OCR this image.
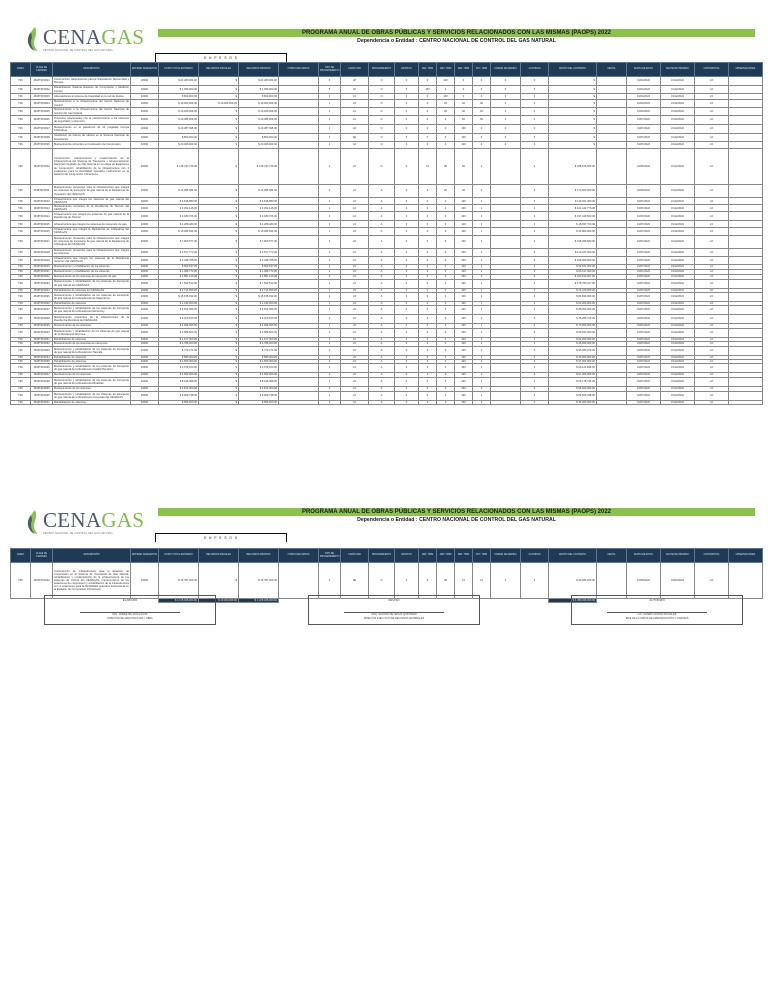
CENAGAS
CENTRO NACIONAL DE CONTROL DEL GAS NATURAL
PROGRAMA ANUAL DE OBRAS PÚBLICAS Y SERVICIOS RELACIONADOS CON LAS MISMAS (PAOPS) 2022
Dependencia o Entidad : CENTRO NACIONAL DE CONTROL DEL GAS NATURAL
E N P E S O S
RAMO	CLAVE DE CARTERA	DESCRIPCIÓN	ENTIDAD FEDERATIVA	COSTO TOTAL ESTIMADO	RECURSOS FISCALES	RECURSOS PROPIOS	OTROS RECURSOS	TIPO DE PROCEDIMIENTO	CARÁCTER	PROCEDIMIENTO	ESTATUS	1ER. TRIM	2DO. TRIM	3ER. TRIM	4TO. TRIM	UNIDAD DE MEDIDA	CANTIDAD	MONTO DEL CONTRATO	FECHA	FECHA DE INICIO	FECHA DE TÉRMINO	CONTRATISTA	OBSERVACIONES
T0K	1518T0K0001	Construcción, adquisiciones para la Subestación Nueva Italia y Remate	32000	$ 22,480,000.00	$	$ 22,480,000.00		5	LP	N	0	0	100	0	0	0	0	$		01/04/2022	31/12/2022	LO	
T0K	1518T0K0002	Rehabilitación Sistema Estación de Compresión y Medición Cempa	32000	$ 1,350,000.00	$	$ 1,350,000.00		5	LP	N	0	100	0	0	0	0	0	$		01/04/2022	31/12/2022	LO	
T0K	1518T0K0003	Adecuaciones al sistema de integridad en la red de ductos	32000	$ 800,000.00	$	$ 800,000.00		1	LO	N	0	0	100	0	0	0	0	$		01/04/2022	31/12/2022	LO	
T0K	1518T0K0004	Mantenimiento a la infraestructura del Centro Nacional de Control	32000	$ 10,000,000.00	$ 10,000,000.00	$ 10,000,000.00		1	LO	N	0	0	20	40	40	0	0	$		01/04/2022	31/12/2022	LO	
T0K	1518T0K0005	Mantenimiento a la infraestructura del Centro Nacional de Control del Gas Natural	32000	$ 10,000,000.00	$	$ 10,000,000.00		1	LO	N	0	0	20	40	40	0	0	$		01/04/2022	31/12/2022	LO	
T0K	1518T0K0006	Proyectos relacionados con el mantenimiento a los sistemas de seguridad y protección	32000	$ 30,385,600.00	$	$ 30,385,600.00		1	LO	N	0	0	0	50	50	0	0	$		01/07/2022	31/12/2022	LO	
T0K	1518T0K0007	Mantenimiento en el gasoducto de 24 pulgadas Cempa Chihuahua	32000	$ 10,387,395.00	$	$ 10,387,395.00		1	LO	N	0	0	0	100	0	0	0	$		01/07/2022	31/12/2022	LO	
T0K	1518T0K0008	Sustitución de tramos de tubería en el Sistema Nacional de Gasoductos	32000	$ 800,000.00	$	$ 800,000.00		1	SE	N	0	0	0	100	0	0	0	$		01/07/2022	31/12/2022	LO	
T0K	1518T0K0009	Mantenimiento correctivo en la Estación de Compresión	32000	$ 20,000,000.00	$	$ 20,000,000.00		1	LO	N	0	0	0	100	0	0	0	$		01/07/2022	31/12/2022	LO	
T0K	1518T0K0010	Construcción, mantenimiento y modernización de la infraestructura del Sistema de Transporte y Almacenamiento Nacional Integrado de Gas Natural en su etapa de Estaciones de Compresión, rehabilitación de la infraestructura con 4 estaciones para la flexibilidad operativa institucional en la Estación de Compresión Chinameca	32000	$ 138,731,375.00	$	$ 128,731,375.00		1	LO	N	0	15	35	50	1		2	$ 188,978,984.00		01/06/2022	31/12/2022	LO	
T0K	1518T0K0011	Mantenimiento preventivo para la infraestructura que integra los sistemas de transporte de gas natural de la Residencia de Operación del CENAGAS	32000	$ 12,995,484.00	$	$ 12,995,484.00		1	LO	A	0	0	20	40	1		4	$ 170,000,000.00		01/06/2022	31/12/2022	LO	
T0K	1518T0K0012	Infraestructura que integra los sistemas de gas natural del CENAGAS	32000	$ 3,618,980.00	$	$ 3,618,980.00		1	LO	A	0	0	0	100	1		4	$ 119,461,453.00		01/07/2022	31/12/2022	LO	
T0K	1518T0K0013	Mantenimiento correctivo de la Residencia de Torreón del CENAGAS	32000	$ 3,303,145.00	$	$ 3,303,145.00		1	LO	A	0	0	0	100	1		4	$ 101,442,776.00		01/07/2022	31/12/2022	LO	
T0K	1518T0K0014	Infraestructura que integra los sistemas de gas natural de la Residencia de Torreón	32000	$ 3,180,766.00	$	$ 3,180,766.00		1	LO	A	0	0	0	100	1		4	$ 197,440,603.00		01/07/2022	31/12/2022	LO	
T0K	1518T0K0015	Infraestructura que integra los sistemas de transporte de gas	32000	$ 4,289,480.00	$	$ 4,289,480.00		1	LO	A	0	0	0	100	1		4	$ 18,097,720.00		01/07/2022	31/12/2022	LO	
T0K	1518T0K0016	Infraestructura que integra la Residencia de Chihuahua del CENAGAS	32000	$ 10,053,534.00	$	$ 10,053,534.00		1	LO	A	0	0	0	100	1		4	$ 42,800,000.00		01/07/2022	31/12/2022	LO	
T0K	1518T0K0017	Mantenimiento preventivo para la infraestructura que integra los sistemas de transporte de gas natural de la Residencia de Chihuahua del CENAGAS	32000	$ 7,960,577.00	$	$ 7,960,577.00		1	LO	A	0	0	0	100	1		4	$ 198,399,683.00		01/07/2022	31/12/2022	LO	
T0K	1518T0K0018	Mantenimiento preventivo para la infraestructura que integra los sistemas	32000	$ 3,617,773.00	$	$ 3,617,773.00		1	LO	A	0	0	0	100	1		4	$ 112,347,003.00		01/07/2022	31/12/2022	LO	
T0K	1518T0K0019	Infraestructura que integra los sistemas de la Residencia Veracruz del CENAGAS	32000	$ 3,049,795.00	$	$ 3,049,795.00		1	LO	A	0	0	0	100	1		4	$ 108,000,000.00		01/07/2022	31/12/2022	LO	
T0K	1518T0K0020	Mantenimiento y rehabilitación de los sistemas	32000	$ 503,637.00	$	$ 503,637.00		1	LO	A	0	0	0	100	1		4	$ 93,621,000.00		01/07/2022	31/12/2022	LO	
T0K	1518T0K0021	Mantenimiento y rehabilitación de los sistemas	32000	$ 1,089,772.00	$	$ 1,089,772.00		1	LO	A	0	0	0	100	1		4	$ 80,617,000.00		01/07/2022	31/12/2022	LO	
T0K	1518T0K0022	Mantenimiento de los sistemas de transporte de gas	32000	$ 2,881,219.00	$	$ 2,881,219.00		1	LO	A	0	0	0	100	1		4	$ 160,160,007.00		01/07/2022	31/12/2022	LO	
T0K	1518T0K0023	Mantenimiento y rehabilitación de los sistemas de transporte de gas natural del CENAGAS	32000	$ 7,693,512.00	$	$ 7,693,512.00		1	LO	A	0	0	0	100	1		4	$ 178,780,327.00		01/07/2022	31/12/2022	LO	
T0K	1518T0K0024	Rehabilitación de sistemas del CENAGAS	32000	$ 2,714,859.00	$	$ 2,714,859.00		1	LO	A	0	0	0	100	1		4	$ 72,420,000.00		01/07/2022	31/12/2022	LO	
T0K	1518T0K0025	Mantenimiento y rehabilitación de los sistemas de transporte de gas natural de la Residencia de Salamanca	32000	$ 15,156,433.00	$	$ 15,156,433.00		1	LO	A	0	0	0	100	1		4	$ 84,843,000.00		01/07/2022	31/12/2022	LO	
T0K	1518T0K0026	Rehabilitación de sistemas	32000	$ 1,443,000.00	$	$ 1,443,000.00		1	LO	A	0	0	0	100	1		4	$ 62,200,000.00		01/07/2022	31/12/2022	LO	
T0K	1518T0K0027	Mantenimiento y rehabilitación de los sistemas de transporte de gas natural de la Residencia Monterrey	32000	$ 3,251,969.00	$	$ 3,251,969.00		1	LO	A	0	0	0	100	1		4	$ 86,000,000.00		01/07/2022	31/12/2022	LO	
T0K	1518T0K0028	Mantenimiento preventivo de la infraestructura de la Residencia Mendoza del CENAGAS	32000	$ 2,073,813.00	$	$ 2,073,813.00		1	LO	A	0	0	0	100	1		4	$ 78,289,713.00		01/07/2022	31/12/2022	LO	
T0K	1518T0K0029	Mantenimiento de los sistemas	32000	$ 1,996,000.00	$	$ 1,996,000.00		1	LO	A	0	0	0	100	1		4	$ 70,000,000.00		01/07/2022	31/12/2022	LO	
T0K	1518T0K0030	Mantenimiento y rehabilitación de los sistemas de gas natural de la Residencia Reynosa	32000	$ 3,585,664.00	$	$ 3,585,664.00		1	LO	A	0	0	0	100	1		4	$ 59,037,000.00		01/07/2022	31/12/2022	LO	
T0K	1518T0K0031	Rehabilitación de sistemas	32000	$ 1,617,000.00	$	$ 1,617,000.00		1	LO	A	0	0	0	100	1		4	$ 53,200,000.00		01/07/2022	31/12/2022	LO	
T0K	1518T0K0032	Mantenimiento de los sistemas de transporte	32000	$ 1,788,000.00	$	$ 1,788,000.00		1	LO	A	0	0	0	100	1		4	$ 46,300,000.00		01/07/2022	31/12/2022	LO	
T0K	1518T0K0033	Mantenimiento y rehabilitación de los sistemas de transporte de gas natural de la Residencia Tlaxcala	32000	$ 773,271.00	$	$ 773,271.00		1	LO	A	0	0	0	100	1		4	$ 95,480,079.00		01/07/2022	31/12/2022	LO	
T0K	1518T0K0034	Rehabilitación de sistemas	32000	$ 580,000.00	$	$ 580,000.00		1	LO	A	0	0	0	100	1		4	$ 40,000,000.00		01/07/2022	31/12/2022	LO	
T0K	1518T0K0035	Rehabilitación de sistemas	32000	$ 1,650,000.00	$	$ 1,650,000.00		1	LO	A	0	0	0	100	1		4	$ 37,000,000.00		01/07/2022	31/12/2022	LO	
T0K	1518T0K0036	Mantenimiento y rehabilitación de los sistemas de transporte de gas natural de la Residencia Ciudad Mendoza	32000	$ 3,079,163.00	$	$ 3,079,163.00		1	LO	A	0	0	0	100	1		4	$ 93,123,848.00		01/07/2022	31/12/2022	LO	
T0K	1518T0K0037	Mantenimiento de los sistemas	32000	$ 1,960,000.00	$	$ 1,960,000.00		1	LO	A	0	0	0	100	1		4	$ 51,000,000.00		01/07/2022	31/12/2022	LO	
T0K	1518T0K0038	Mantenimiento y rehabilitación de los sistemas de transporte de gas natural de la Residencia Minatitlán	32000	$ 8,196,998.00	$	$ 8,196,998.00		1	LO	A	0	0	0	100	1		4	$ 63,178,746.00		01/07/2022	31/12/2022	LO	
T0K	1518T0K0039	Mantenimiento de los sistemas	32000	$ 2,812,000.00	$	$ 2,812,000.00		1	LO	A	0	0	0	100	1		4	$ 58,000,000.00		01/07/2022	31/12/2022	LO	
T0K	1518T0K0040	Mantenimiento y rehabilitación de los sistemas de transporte de gas natural de la Residencia Cempoala del CENAGAS	32000	$ 2,920,738.00	$	$ 2,920,738.00		1	LO	A	0	0	0	100	1		4	$ 82,662,938.00		01/07/2022	31/12/2022	LO	
T0K	1518T0K0041	Rehabilitación de sistemas	32000	$ 956,000.00	$	$ 956,000.00		1	LO	A	0	0	0	100	1		4	$ 34,400,000.00		01/07/2022	31/12/2022	LO	
CENAGAS
CENTRO NACIONAL DE CONTROL DEL GAS NATURAL
PROGRAMA ANUAL DE OBRAS PÚBLICAS Y SERVICIOS RELACIONADOS CON LAS MISMAS (PAOPS) 2022
Dependencia o Entidad : CENTRO NACIONAL DE CONTROL DEL GAS NATURAL
E N P E S O S
RAMO	CLAVE DE CARTERA	DESCRIPCIÓN	ENTIDAD FEDERATIVA	COSTO TOTAL ESTIMADO	RECURSOS FISCALES	RECURSOS PROPIOS	OTROS RECURSOS	TIPO DE PROCEDIMIENTO	CARÁCTER	PROCEDIMIENTO	ESTATUS	1ER. TRIM	2DO. TRIM	3ER. TRIM	4TO. TRIM	UNIDAD DE MEDIDA	CANTIDAD	MONTO DEL CONTRATO	FECHA	FECHA DE INICIO	FECHA DE TÉRMINO	CONTRATISTA	OBSERVACIONES
T0K	1518T0K0042	Construcción de infraestructura para la Estación de Compresión en el Sistema de Transporte de Gas Natural, rehabilitación y modernización de la infraestructura de los sistemas de control del CENAGAS, mantenimiento de las estaciones de compresión y rehabilitación de la infraestructura con 4 estaciones para la flexibilidad operativa institucional en la Estación de Compresión Chinameca	32000	$ 15,787,200.00	$	$ 15,787,200.00		1	SE	N	0	0	38	41	21	1	3	$ 33,283,100.00		01/06/2022	31/03/2024	LO	
				$ 1,115,468,000.00	$ 10,000,000.00	$ 1,105,468,000.00												$ 4,389,498,000.00					
ELABORÓ
ING. JORGE DE ÁVILA SILVA
DIRECTOR DE ARQUITECTURA Y OBRA
REVISÓ
ARQ. ALONSO DE JESÚS QUINTERO
DIRECTOR EJECUTIVO DE RECURSOS MATERIALES
AUTORIZÓ
LIC. JAVIER CASTRO ROSALES
JEFE DE LA UNIDAD DE ADMINISTRACIÓN Y FINANZAS
